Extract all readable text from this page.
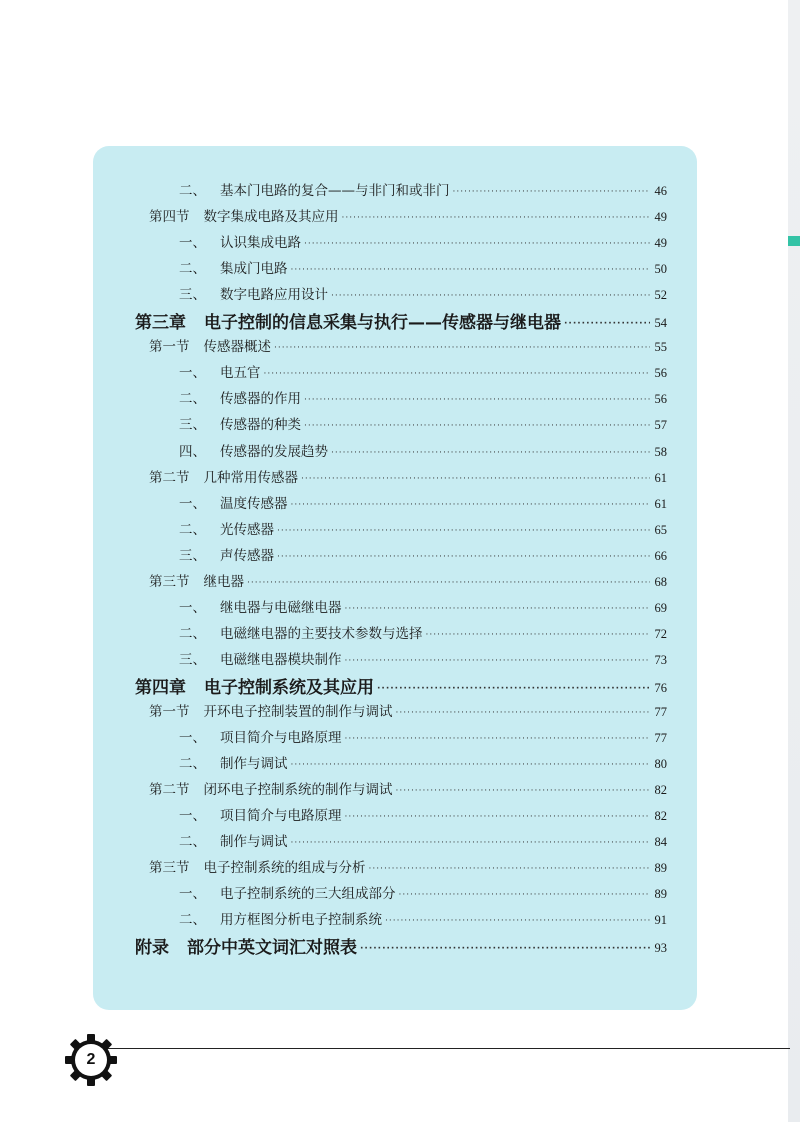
二、 基本门电路的复合——与非门和或非门 ·····	46
第四节 数字集成电路及其应用 ·····	49
一、 认识集成电路 ·····	49
二、 集成门电路 ·····	50
三、 数字电路应用设计 ·····	52
第三章 电子控制的信息采集与执行——传感器与继电器 ·····	54
第一节 传感器概述 ·····	55
一、 电五官 ·····	56
二、 传感器的作用 ·····	56
三、 传感器的种类 ·····	57
四、 传感器的发展趋势 ·····	58
第二节 几种常用传感器 ·····	61
一、 温度传感器 ·····	61
二、 光传感器 ·····	65
三、 声传感器 ·····	66
第三节 继电器 ·····	68
一、 继电器与电磁继电器 ·····	69
二、 电磁继电器的主要技术参数与选择 ·····	72
三、 电磁继电器模块制作 ·····	73
第四章 电子控制系统及其应用 ·····	76
第一节 开环电子控制装置的制作与调试 ·····	77
一、 项目简介与电路原理 ·····	77
二、 制作与调试 ·····	80
第二节 闭环电子控制系统的制作与调试 ·····	82
一、 项目简介与电路原理 ·····	82
二、 制作与调试 ·····	84
第三节 电子控制系统的组成与分析 ·····	89
一、 电子控制系统的三大组成部分 ·····	89
二、 用方框图分析电子控制系统 ·····	91
附录 部分中英文词汇对照表 ·····	93
2
